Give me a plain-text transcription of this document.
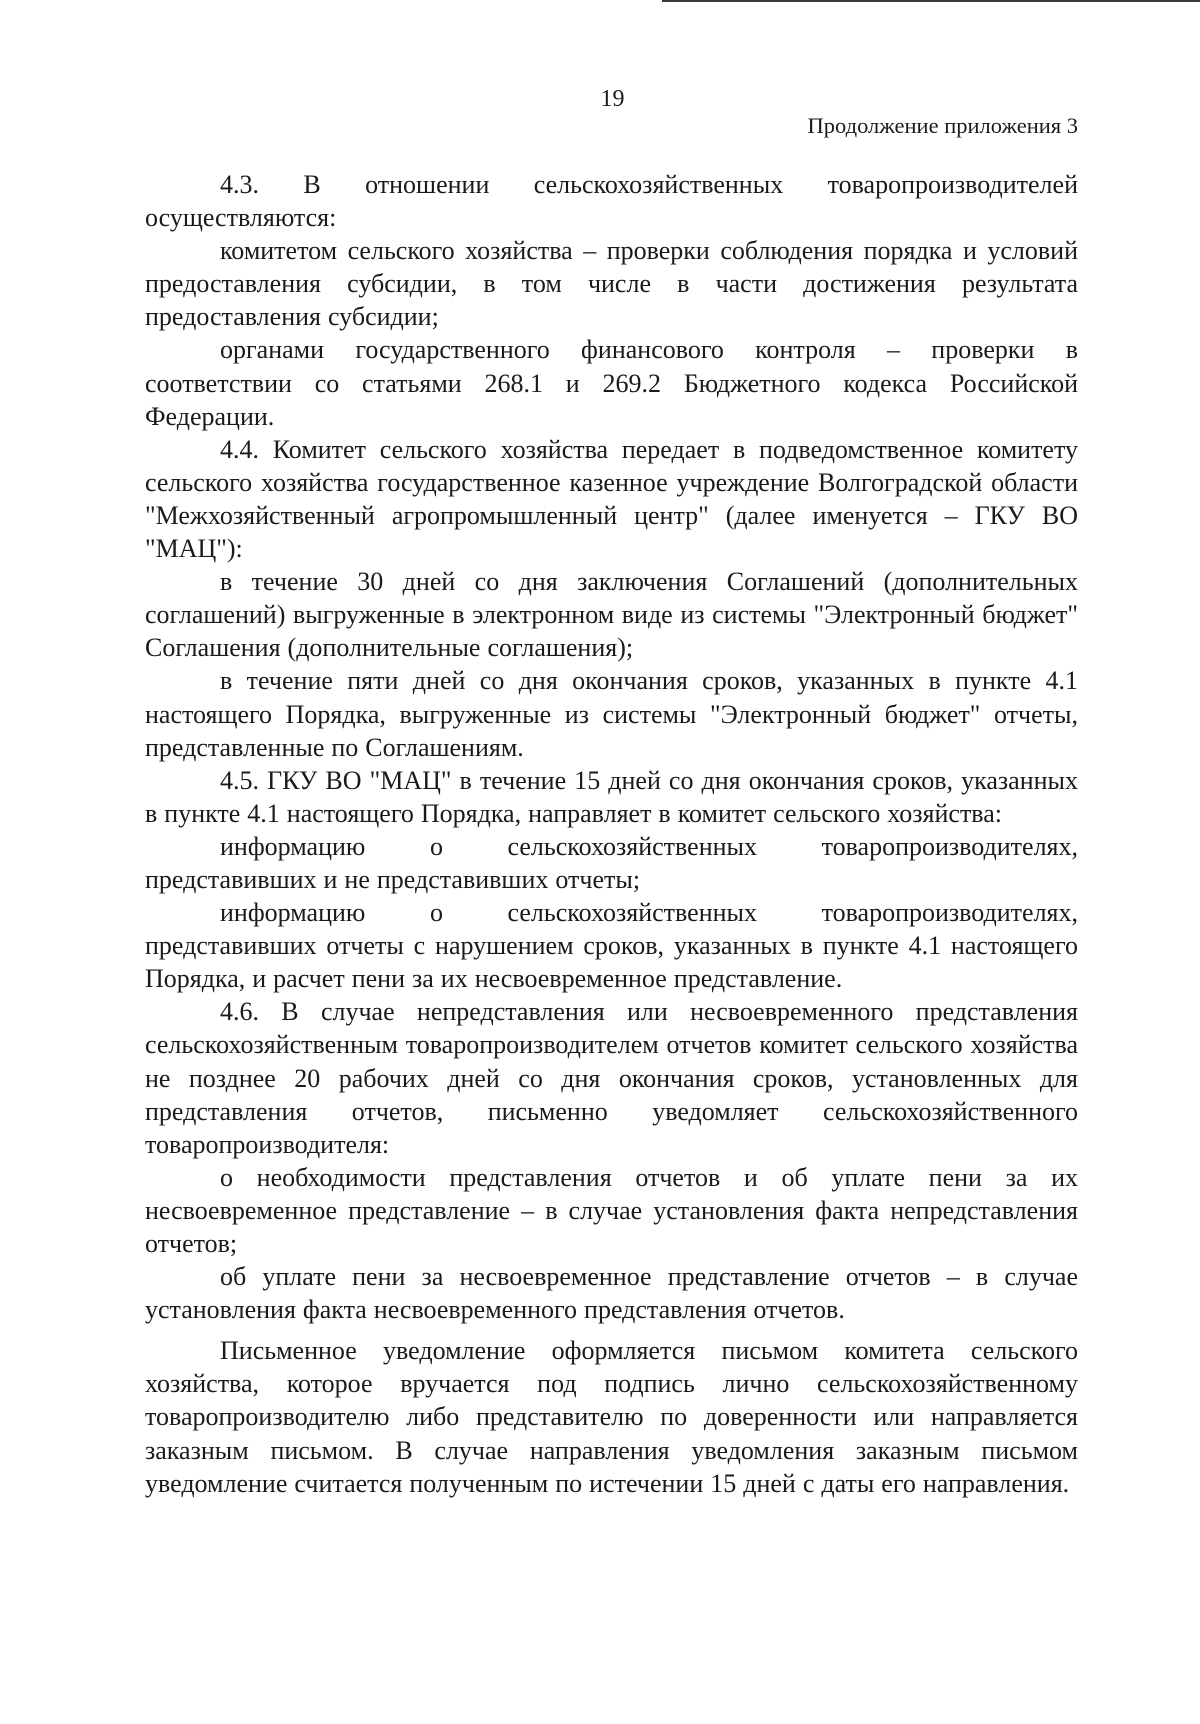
19
Продолжение приложения 3

4.3. В отношении сельскохозяйственных товаропроизводителей осуществляются:

комитетом сельского хозяйства – проверки соблюдения порядка и условий предоставления субсидии, в том числе в части достижения результата предоставления субсидии;

органами государственного финансового контроля – проверки в соответствии со статьями 268.1 и 269.2 Бюджетного кодекса Российской Федерации.

4.4. Комитет сельского хозяйства передает в подведомственное комитету сельского хозяйства государственное казенное учреждение Волгоградской области "Межхозяйственный агропромышленный центр" (далее именуется – ГКУ ВО "МАЦ"):

в течение 30 дней со дня заключения Соглашений (дополнительных соглашений) выгруженные в электронном виде из системы "Электронный бюджет" Соглашения (дополнительные соглашения);

в течение пяти дней со дня окончания сроков, указанных в пункте 4.1 настоящего Порядка, выгруженные из системы "Электронный бюджет" отчеты, представленные по Соглашениям.

4.5. ГКУ ВО "МАЦ" в течение 15 дней со дня окончания сроков, указанных в пункте 4.1 настоящего Порядка, направляет в комитет сельского хозяйства:

информацию о сельскохозяйственных товаропроизводителях, представивших и не представивших отчеты;

информацию о сельскохозяйственных товаропроизводителях, представивших отчеты с нарушением сроков, указанных в пункте 4.1 настоящего Порядка, и расчет пени за их несвоевременное представление.

4.6. В случае непредставления или несвоевременного представления сельскохозяйственным товаропроизводителем отчетов комитет сельского хозяйства не позднее 20 рабочих дней со дня окончания сроков, установленных для представления отчетов, письменно уведомляет сельскохозяйственного товаропроизводителя:

о необходимости представления отчетов и об уплате пени за их несвоевременное представление – в случае установления факта непредставления отчетов;

об уплате пени за несвоевременное представление отчетов – в случае установления факта несвоевременного представления отчетов.

Письменное уведомление оформляется письмом комитета сельского хозяйства, которое вручается под подпись лично сельскохозяйственному товаропроизводителю либо представителю по доверенности или направляется заказным письмом. В случае направления уведомления заказным письмом уведомление считается полученным по истечении 15 дней с даты его направления.
